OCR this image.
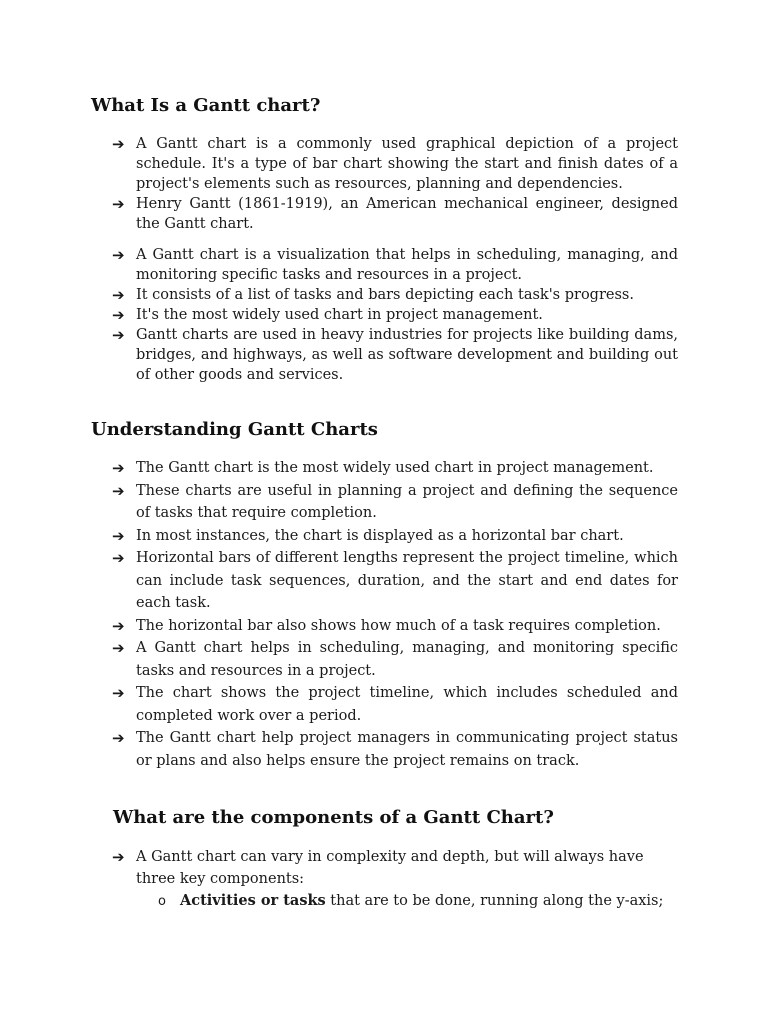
What Is a Gantt chart?
➔ A Gantt chart is a commonly used graphical depiction of a project schedule. It's a type of bar chart showing the start and finish dates of a project's elements such as resources, planning and dependencies.
➔ Henry Gantt (1861-1919), an American mechanical engineer, designed the Gantt chart.
➔ A Gantt chart is a visualization that helps in scheduling, managing, and monitoring specific tasks and resources in a project.
➔ It consists of a list of tasks and bars depicting each task's progress.
➔ It's the most widely used chart in project management.
➔ Gantt charts are used in heavy industries for projects like building dams, bridges, and highways, as well as software development and building out of other goods and services.
Understanding Gantt Charts
➔ The Gantt chart is the most widely used chart in project management.
➔ These charts are useful in planning a project and defining the sequence of tasks that require completion.
➔ In most instances, the chart is displayed as a horizontal bar chart.
➔ Horizontal bars of different lengths represent the project timeline, which can include task sequences, duration, and the start and end dates for each task.
➔ The horizontal bar also shows how much of a task requires completion.
➔ A Gantt chart helps in scheduling, managing, and monitoring specific tasks and resources in a project.
➔ The chart shows the project timeline, which includes scheduled and completed work over a period.
➔ The Gantt chart help project managers in communicating project status or plans and also helps ensure the project remains on track.
What are the components of a Gantt Chart?
➔ A Gantt chart can vary in complexity and depth, but will always have three key components:
o Activities or tasks that are to be done, running along the y-axis;
